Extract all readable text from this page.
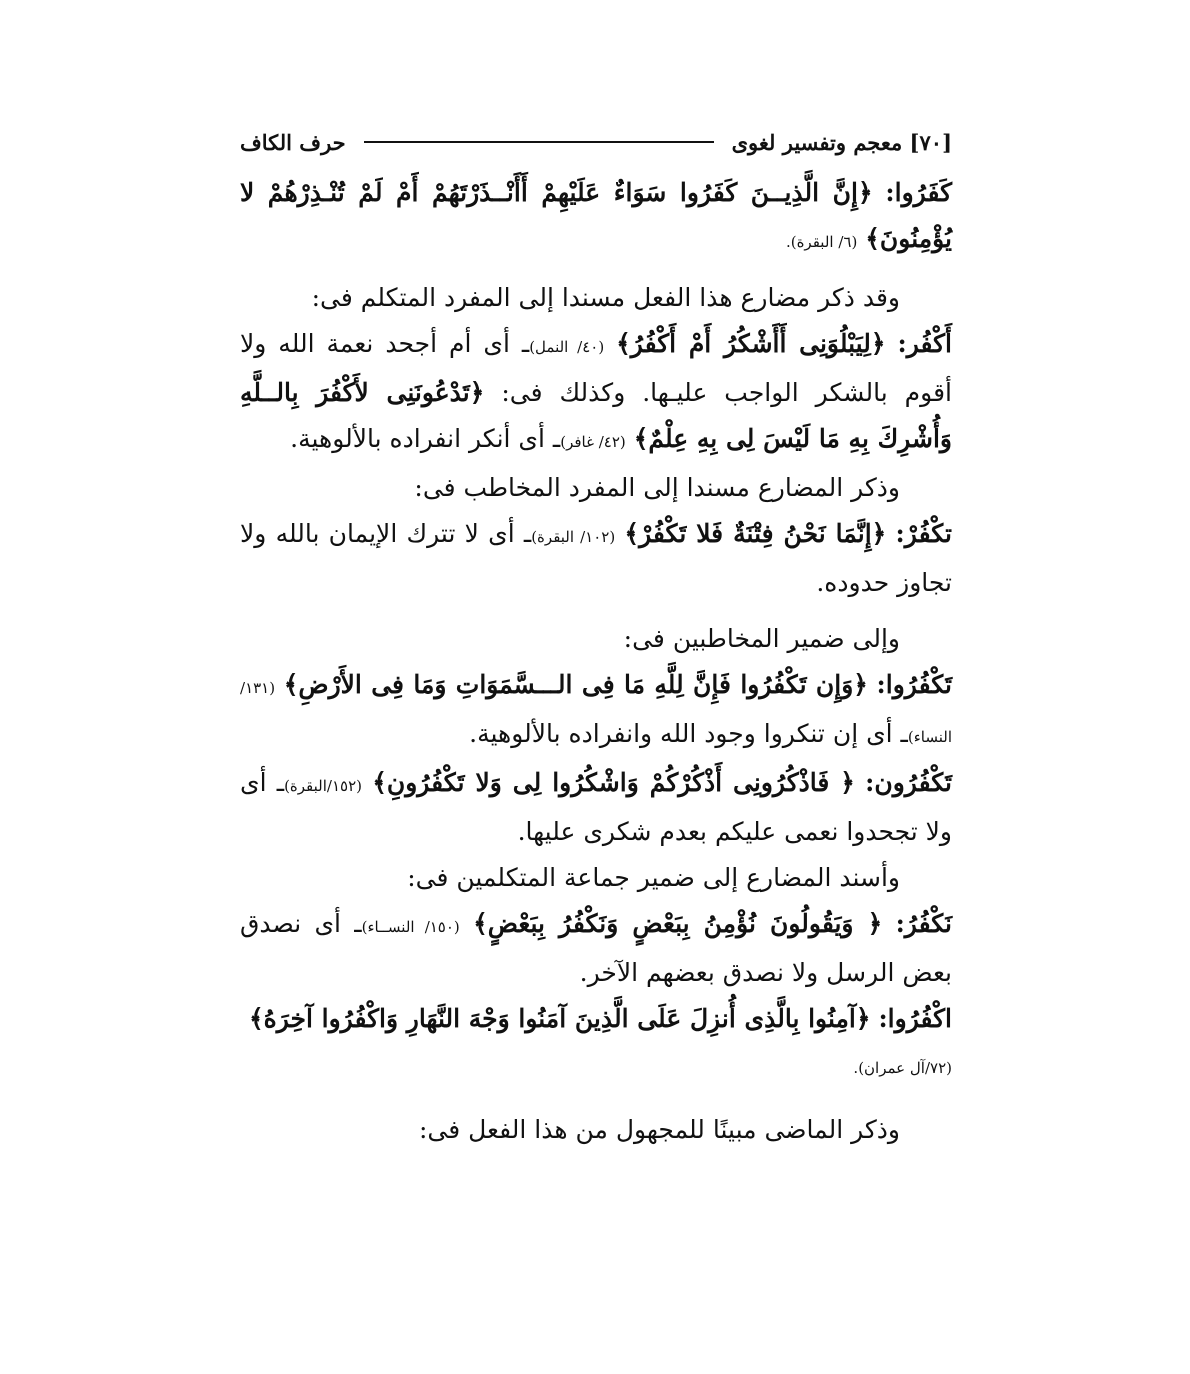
[٧٠] معجم وتفسير لغوى
حرف الكاف

كَفَرُوا: ﴿إِنَّ الَّذِيــنَ كَفَرُوا سَوَاءٌ عَلَيْهِمْ أَأَنْــذَرْتَهُمْ أَمْ لَمْ تُنْـذِرْهُمْ لا يُؤْمِنُونَ﴾ (٦/ البقرة).

وقد ذكر مضارع هذا الفعل مسندا إلى المفرد المتكلم فى:

أَكْفُر: ﴿لِيَبْلُوَنِى أَأَشْكُرُ أَمْ أَكْفُرُ﴾ (٤٠/ النمل)ـ أى أم أجحد نعمة الله ولا أقوم بالشكر الواجب عليـها. وكذلك فى: ﴿تَدْعُونَنِى لأَكْفُرَ بِالــلَّهِ وَأُشْرِكَ بِهِ مَا لَيْسَ لِى بِهِ عِلْمٌ﴾ (٤٢/ غافر)ـ أى أنكر انفراده بالألوهية.

وذكر المضارع مسندا إلى المفرد المخاطب فى:

تكْفُرْ: ﴿إِنَّمَا نَحْنُ فِتْنَةٌ فَلا تَكْفُرْ﴾ (١٠٢/ البقرة)ـ أى لا تترك الإيمان بالله ولا تجاوز حدوده.

وإلى ضمير المخاطبين فى:

تَكْفُرُوا: ﴿وَإِن تَكْفُرُوا فَإِنَّ لِلَّهِ مَا فِى الـــسَّمَوَاتِ وَمَا فِى الأَرْضِ﴾ (١٣١/النساء)ـ أى إن تنكروا وجود الله وانفراده بالألوهية.

تَكْفُرُون: ﴿ فَاذْكُرُونِى أَذْكُرْكُمْ وَاشْكُرُوا لِى وَلا تَكْفُرُونِ﴾ (١٥٢/البقرة)ـ أى ولا تجحدوا نعمى عليكم بعدم شكرى عليها.

وأسند المضارع إلى ضمير جماعة المتكلمين فى:

نَكْفُرُ: ﴿ وَيَقُولُونَ نُؤْمِنُ بِبَعْضٍ وَنَكْفُرُ بِبَعْضٍ﴾ (١٥٠/ النســاء)ـ أى نصدق بعض الرسل ولا نصدق بعضهم الآخر.

اكْفُرُوا: ﴿آمِنُوا بِالَّذِى أُنزِلَ عَلَى الَّذِينَ آمَنُوا وَجْهَ النَّهَارِ وَاكْفُرُوا آخِرَهُ﴾

(٧٢/آل عمران).

وذكر الماضى مبينًا للمجهول من هذا الفعل فى:
